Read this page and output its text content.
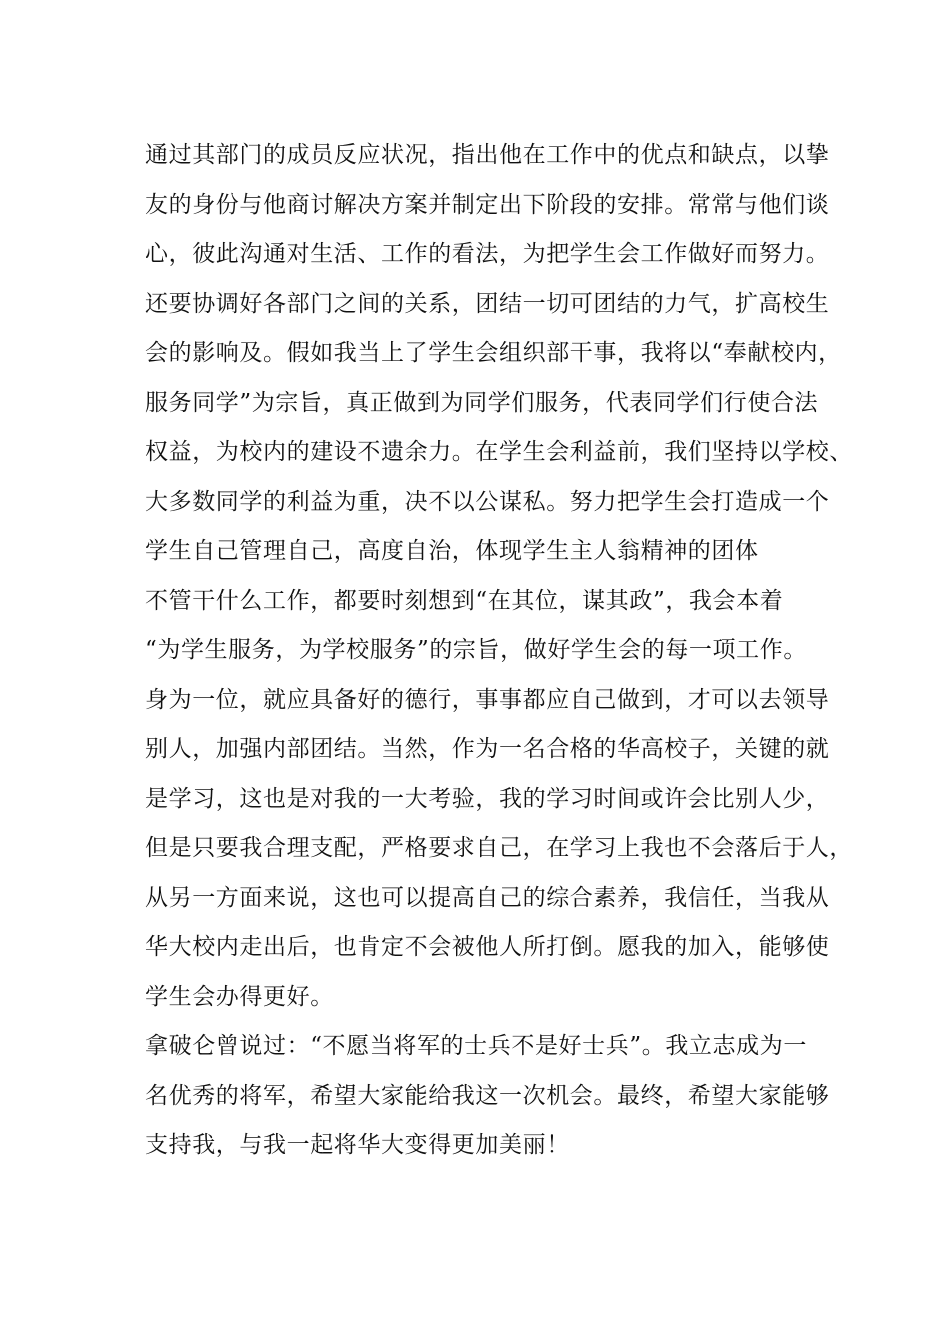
通过其部门的成员反应状况，指出他在工作中的优点和缺点，以挚
友的身份与他商讨解决方案并制定出下阶段的安排。常常与他们谈
心，彼此沟通对生活、工作的看法，为把学生会工作做好而努力。
还要协调好各部门之间的关系，团结一切可团结的力气，扩高校生
会的影响及。假如我当上了学生会组织部干事，我将以“奉献校内，
服务同学”为宗旨，真正做到为同学们服务，代表同学们行使合法
权益，为校内的建设不遗余力。在学生会利益前，我们坚持以学校、
大多数同学的利益为重，决不以公谋私。努力把学生会打造成一个
学生自己管理自己，高度自治，体现学生主人翁精神的团体
不管干什么工作，都要时刻想到“在其位，谋其政”，我会本着
“为学生服务，为学校服务”的宗旨，做好学生会的每一项工作。
身为一位，就应具备好的德行，事事都应自己做到，才可以去领导
别人，加强内部团结。当然，作为一名合格的华高校子，关键的就
是学习，这也是对我的一大考验，我的学习时间或许会比别人少，
但是只要我合理支配，严格要求自己，在学习上我也不会落后于人，
从另一方面来说，这也可以提高自己的综合素养，我信任，当我从
华大校内走出后，也肯定不会被他人所打倒。愿我的加入，能够使
学生会办得更好。
拿破仑曾说过：“不愿当将军的士兵不是好士兵”。我立志成为一
名优秀的将军，希望大家能给我这一次机会。最终，希望大家能够
支持我，与我一起将华大变得更加美丽！
